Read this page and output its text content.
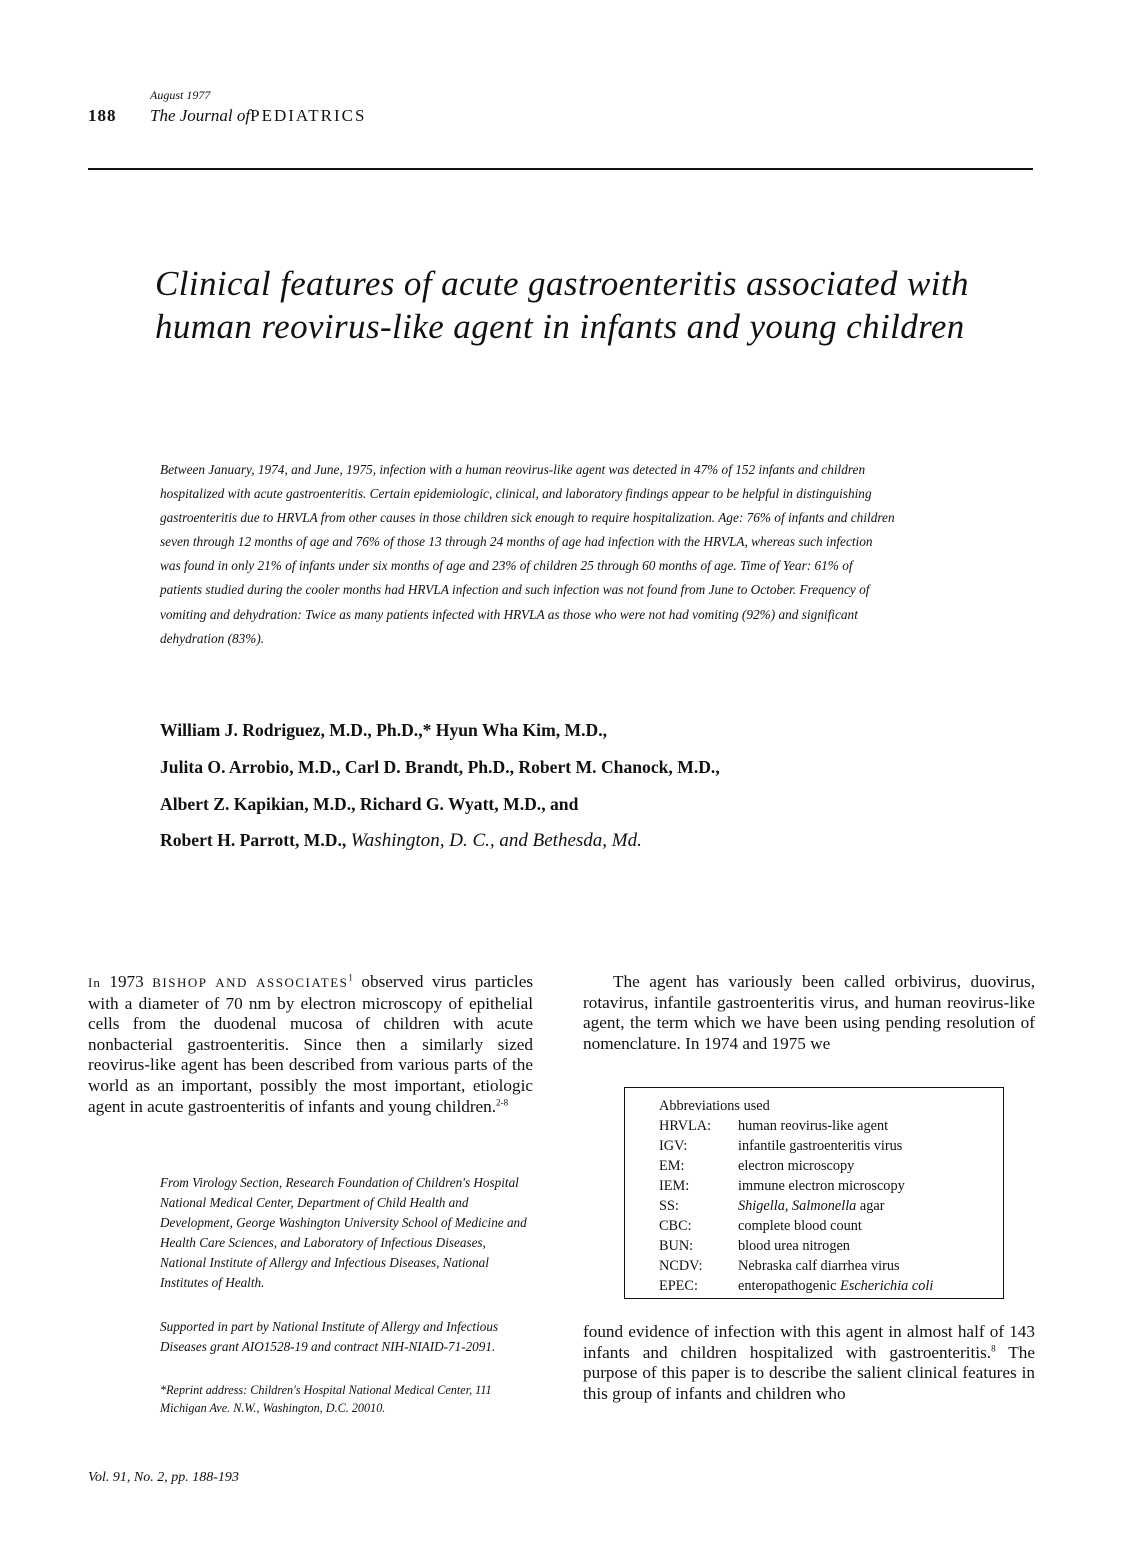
August 1977
188 The Journal ofPEDIATRICS
Clinical features of acute gastroenteritis associated with human reovirus-like agent in infants and young children

Between January, 1974, and June, 1975, infection with a human reovirus-like agent was detected in 47% of 152 infants and children hospitalized with acute gastroenteritis. Certain epidemiologic, clinical, and laboratory findings appear to be helpful in distinguishing gastroenteritis due to HRVLA from other causes in those children sick enough to require hospitalization. Age: 76% of infants and children seven through 12 months of age and 76% of those 13 through 24 months of age had infection with the HRVLA, whereas such infection was found in only 21% of infants under six months of age and 23% of children 25 through 60 months of age. Time of Year: 61% of patients studied during the cooler months had HRVLA infection and such infection was not found from June to October. Frequency of vomiting and dehydration: Twice as many patients infected with HRVLA as those who were not had vomiting (92%) and significant dehydration (83%).

William J. Rodriguez, M.D., Ph.D.,* Hyun Wha Kim, M.D.,
Julita O. Arrobio, M.D., Carl D. Brandt, Ph.D., Robert M. Chanock, M.D.,
Albert Z. Kapikian, M.D., Richard G. Wyatt, M.D., and
Robert H. Parrott, M.D., Washington, D. C., and Bethesda, Md.

In 1973 BISHOP AND ASSOCIATES$^1$ observed virus particles with a diameter of 70 nm by electron microscopy of epithelial cells from the duodenal mucosa of children with acute nonbacterial gastroenteritis. Since then a similarly sized reovirus-like agent has been described from various parts of the world as an important, possibly the most important, etiologic agent in acute gastroenteritis of infants and young children.$^{2-8}$

From Virology Section, Research Foundation of Children's Hospital National Medical Center, Department of Child Health and Development, George Washington University School of Medicine and Health Care Sciences, and Laboratory of Infectious Diseases, National Institute of Allergy and Infectious Diseases, National Institutes of Health.

Supported in part by National Institute of Allergy and Infectious Diseases grant AIO1528-19 and contract NIH-NIAID-71-2091.

*Reprint address: Children's Hospital National Medical Center, 111 Michigan Ave. N.W., Washington, D.C. 20010.

The agent has variously been called orbivirus, duovirus, rotavirus, infantile gastroenteritis virus, and human reovirus-like agent, the term which we have been using pending resolution of nomenclature. In 1974 and 1975 we

Abbreviations used
HRVLA:	human reovirus-like agent
IGV:	infantile gastroenteritis virus
EM:	electron microscopy
IEM:	immune electron microscopy
SS:	Shigella, Salmonella agar
CBC:	complete blood count
BUN:	blood urea nitrogen
NCDV:	Nebraska calf diarrhea virus
EPEC:	enteropathogenic Escherichia coli

found evidence of infection with this agent in almost half of 143 infants and children hospitalized with gastroenteritis.$^8$ The purpose of this paper is to describe the salient clinical features in this group of infants and children who

Vol. 91, No. 2, pp. 188-193
